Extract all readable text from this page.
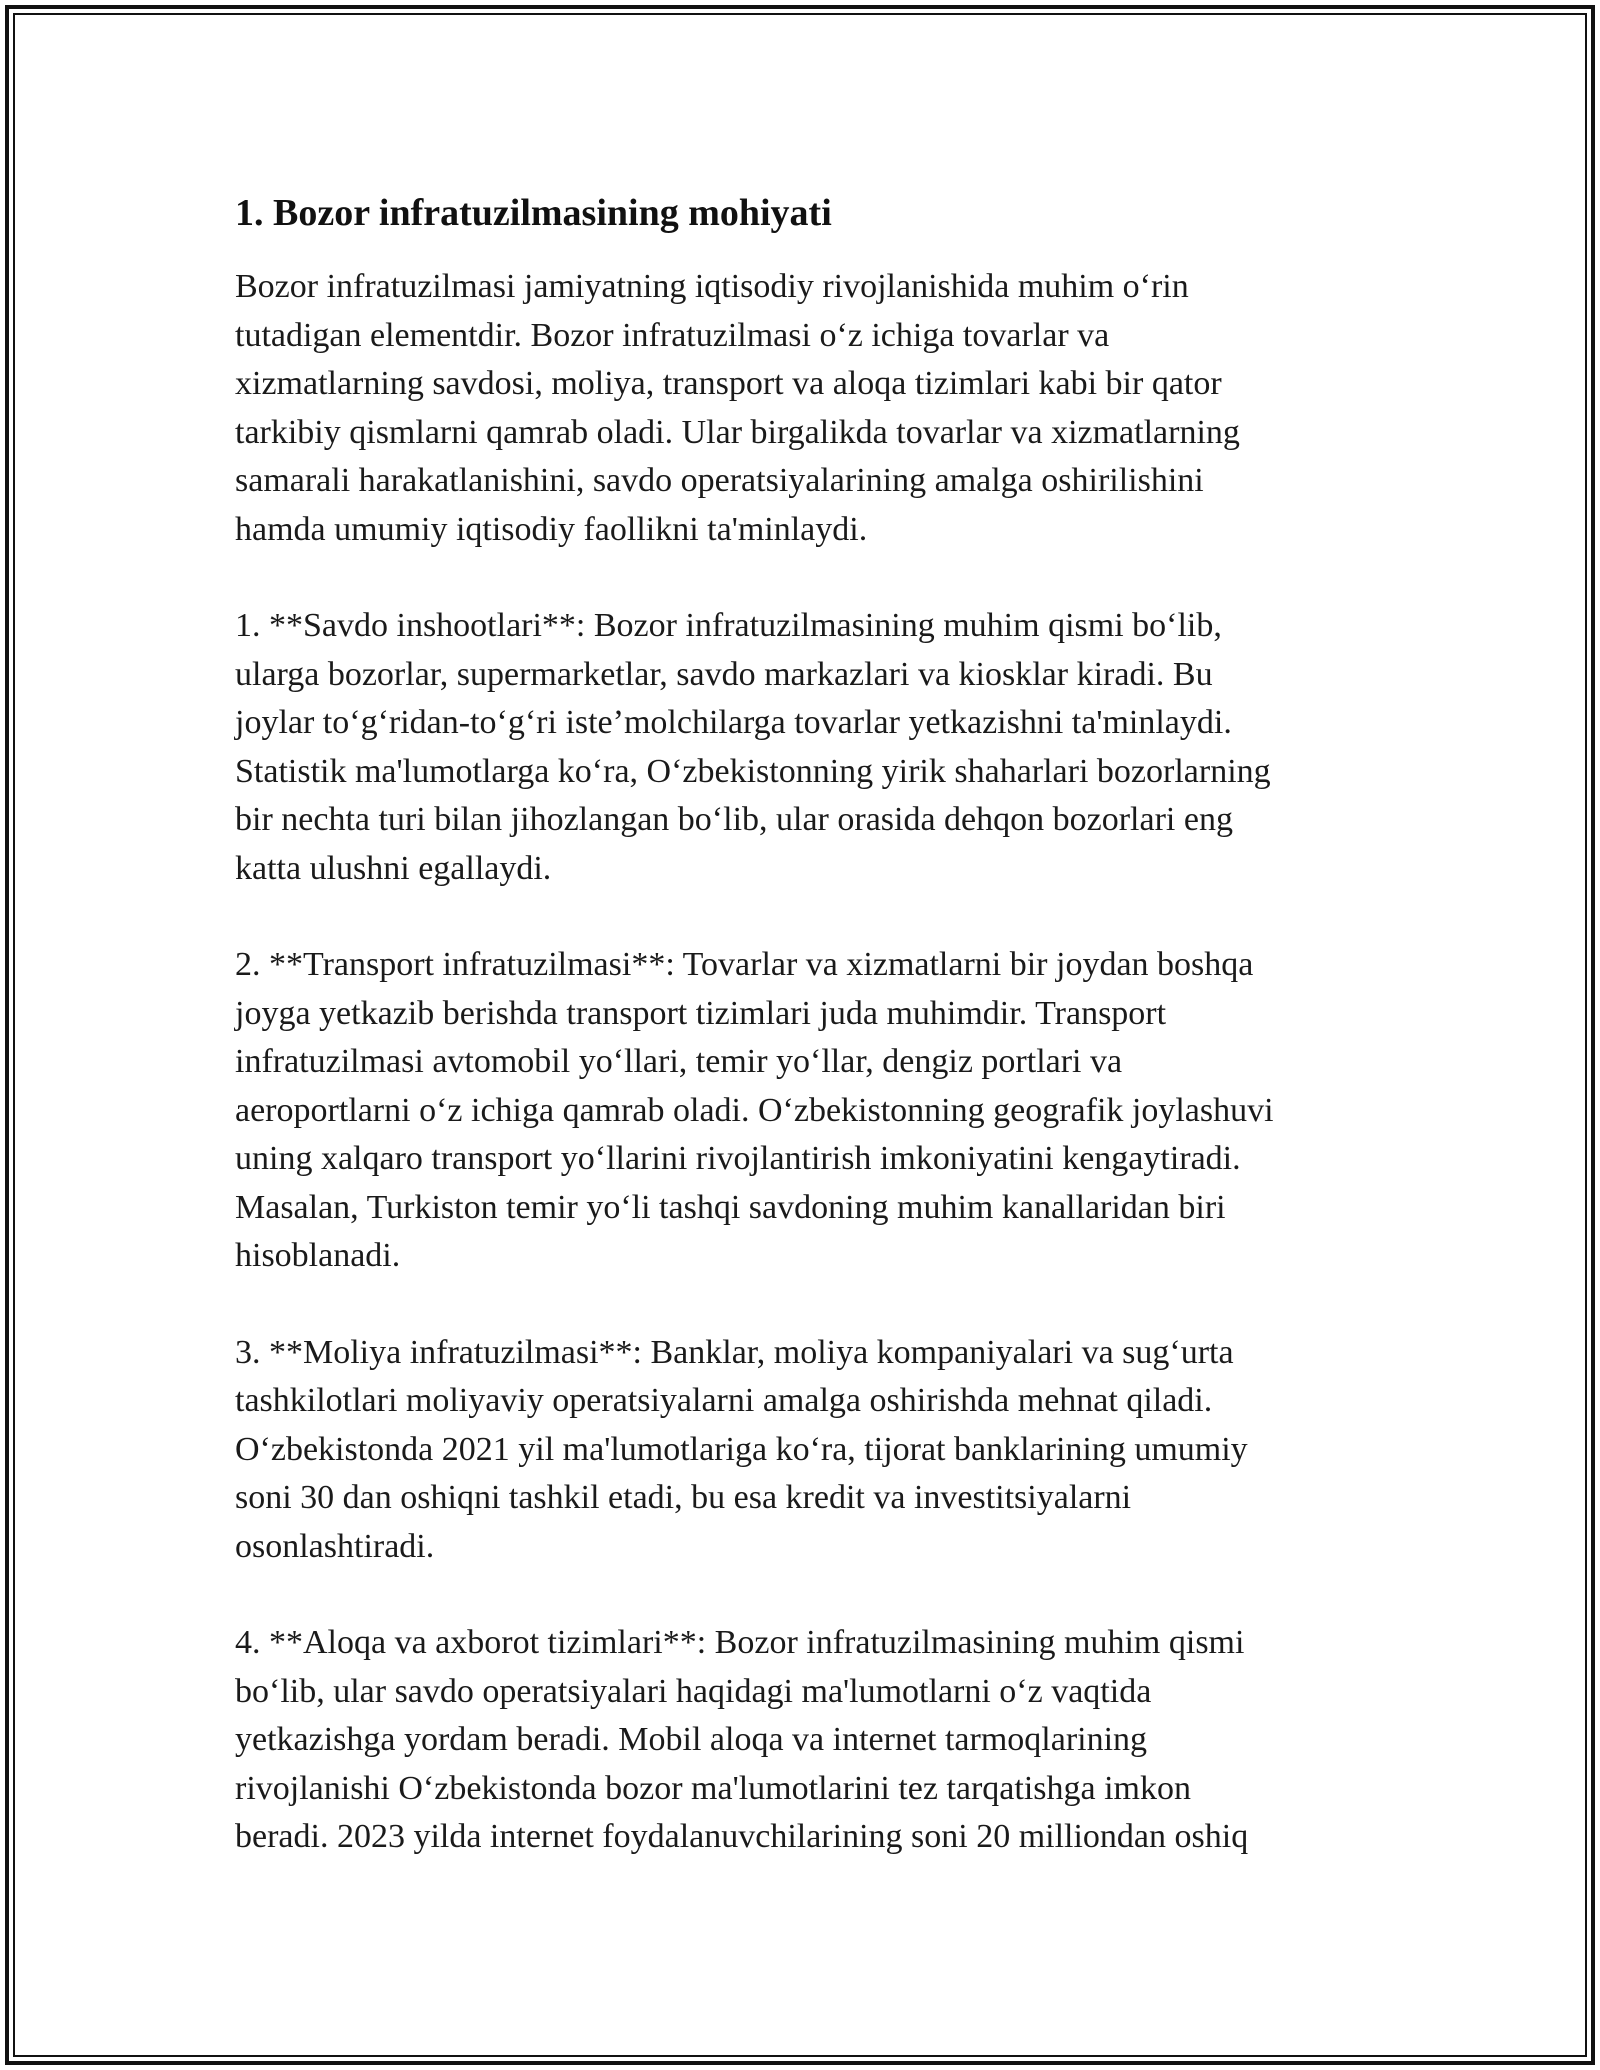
1. Bozor infratuzilmasining mohiyati

Bozor infratuzilmasi jamiyatning iqtisodiy rivojlanishida muhim oʻrin
tutadigan elementdir. Bozor infratuzilmasi oʻz ichiga tovarlar va
xizmatlarning savdosi, moliya, transport va aloqa tizimlari kabi bir qator
tarkibiy qismlarni qamrab oladi. Ular birgalikda tovarlar va xizmatlarning
samarali harakatlanishini, savdo operatsiyalarining amalga oshirilishini
hamda umumiy iqtisodiy faollikni ta'minlaydi.

1. **Savdo inshootlari**: Bozor infratuzilmasining muhim qismi boʻlib,
ularga bozorlar, supermarketlar, savdo markazlari va kiosklar kiradi. Bu
joylar toʻgʻridan-toʻgʻri isteʼmolchilarga tovarlar yetkazishni ta'minlaydi.
Statistik ma'lumotlarga koʻra, Oʻzbekistonning yirik shaharlari bozorlarning
bir nechta turi bilan jihozlangan boʻlib, ular orasida dehqon bozorlari eng
katta ulushni egallaydi.

2. **Transport infratuzilmasi**: Tovarlar va xizmatlarni bir joydan boshqa
joyga yetkazib berishda transport tizimlari juda muhimdir. Transport
infratuzilmasi avtomobil yoʻllari, temir yoʻllar, dengiz portlari va
aeroportlarni oʻz ichiga qamrab oladi. Oʻzbekistonning geografik joylashuvi
uning xalqaro transport yoʻllarini rivojlantirish imkoniyatini kengaytiradi.
Masalan, Turkiston temir yoʻli tashqi savdoning muhim kanallaridan biri
hisoblanadi.

3. **Moliya infratuzilmasi**: Banklar, moliya kompaniyalari va sugʻurta
tashkilotlari moliyaviy operatsiyalarni amalga oshirishda mehnat qiladi.
Oʻzbekistonda 2021 yil ma'lumotlariga koʻra, tijorat banklarining umumiy
soni 30 dan oshiqni tashkil etadi, bu esa kredit va investitsiyalarni
osonlashtiradi.

4. **Aloqa va axborot tizimlari**: Bozor infratuzilmasining muhim qismi
boʻlib, ular savdo operatsiyalari haqidagi ma'lumotlarni oʻz vaqtida
yetkazishga yordam beradi. Mobil aloqa va internet tarmoqlarining
rivojlanishi Oʻzbekistonda bozor ma'lumotlarini tez tarqatishga imkon
beradi. 2023 yilda internet foydalanuvchilarining soni 20 milliondan oshiq
